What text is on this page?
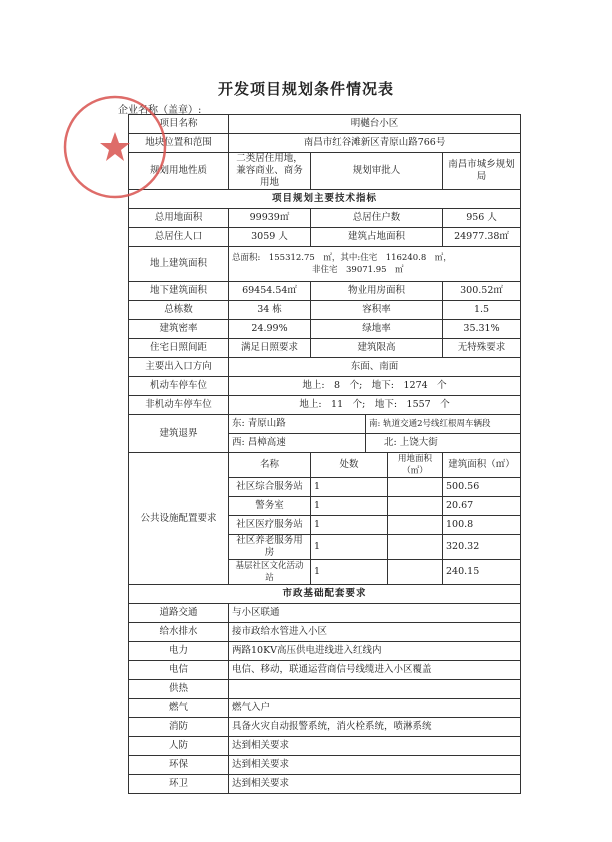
开发项目规划条件情况表
企业名称（盖章）:
项目名称	明樾台小区				
地块位置和范围	南昌市红谷滩新区青原山路766号				
规划用地性质	二类居住用地，兼容商业、商务用地	规划审批人			南昌市城乡规划局
项目规划主要技术指标					
总用地面积	99939㎡	总居住户数			956 人
总居住人口	3059 人	建筑占地面积			24977.38㎡
地上建筑面积	总面积:　155312.75　㎡，其中:住宅　116240.8　㎡，
非住宅　39071.95　㎡				

地下建筑面积	69454.54㎡	物业用房面积			300.52㎡
总栋数	34 栋	容积率			1.5
建筑密率	24.99%	绿地率			35.31%
住宅日照间距	满足日照要求	建筑限高			无特殊要求
主要出入口方向	东面、南面				
机动车停车位	地上:　8　个;　地下:　1274　个				
非机动车停车位	地上:　11　个;　地下:　1557　个				
建筑退界	东: 青原山路		南: 轨道交通2号线红根周车辆段		
	西: 昌樟高速		北: 上饶大街		
公共设施配置要求	名称	处数		用地面积（㎡）	建筑面积（㎡）
	社区综合服务站	1			500.56
	警务室	1			20.67
	社区医疗服务站	1			100.8
	社区养老服务用房	1			320.32
	基层社区文化活动站	1			240.15
市政基础配套要求					
道路交通	与小区联通				
给水排水	接市政给水管进入小区				
电力	两路10KV高压供电进线进入红线内				
电信	电信、移动，联通运营商信号线缆进入小区覆盖				
供热					
燃气	燃气入户				
消防	具备火灾自动报警系统，消火栓系统，喷淋系统				
人防	达到相关要求				
环保	达到相关要求				
环卫	达到相关要求				
